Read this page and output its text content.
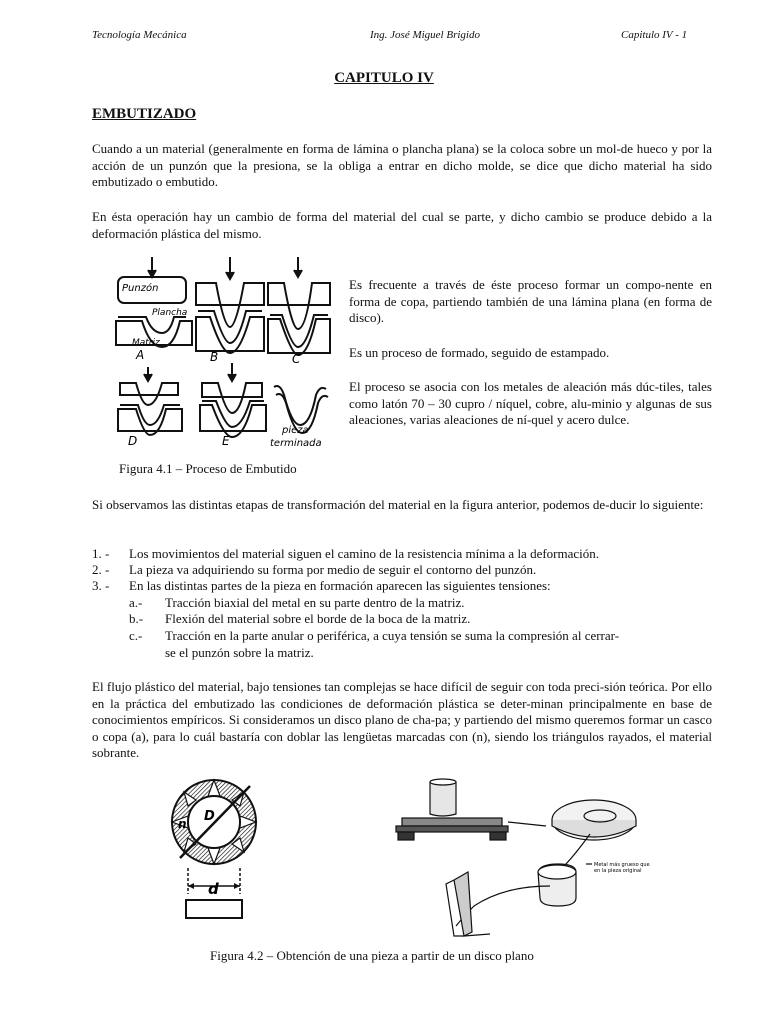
Tecnología Mecánica	Ing. José Miguel Brigido	Capitulo IV - 1
CAPITULO IV
EMBUTIZADO

Cuando a un material (generalmente en forma de lámina o plancha plana) se la coloca sobre un mol-de hueco y por la acción de un punzón que la presiona, se la obliga a entrar en dicho molde, se dice que dicho material ha sido embutizado o embutido.

En ésta operación hay un cambio de forma del material del cual se parte, y dicho cambio se produce debido a la deformación plástica del mismo.

Punzón
Plancha
Matriz
A	B	C
D	E
pieza
terminada

Es frecuente a través de éste proceso formar un compo-nente en forma de copa, partiendo también de una lámina plana (en forma de disco).

Es un proceso de formado, seguido de estampado.

El proceso se asocia con los metales de aleación más dúc-tiles, tales como latón 70 – 30 cupro / níquel, cobre, alu-minio y algunas de sus aleaciones, varias aleaciones de ní-quel y acero dulce.

Figura 4.1 – Proceso de Embutido

Si observamos las distintas etapas de transformación del material en la figura anterior, podemos de-ducir lo siguiente:

1. - Los movimientos del material siguen el camino de la resistencia mínima a la deformación.
2. - La pieza va adquiriendo su forma por medio de seguir el contorno del punzón.
3. - En las distintas partes de la pieza en formación aparecen las siguientes tensiones:
a.- Tracción biaxial del metal en su parte dentro de la matriz.
b.- Flexión del material sobre el borde de la boca de la matriz.
c.- Tracción en la parte anular o periférica, a cuya tensión se suma la compresión al cerrar-
se el punzón sobre la matriz.

El flujo plástico del material, bajo tensiones tan complejas se hace difícil de seguir con toda preci-sión teórica. Por ello en la práctica del embutizado las condiciones de deformación plástica se deter-minan principalmente en base de conocimientos empíricos. Si consideramos un disco plano de cha-pa; y partiendo del mismo queremos formar un casco o copa (a), para lo cuál bastaría con doblar las lengüetas marcadas con (n), siendo los triángulos rayados, el material sobrante.

n D
d
Metal más grueso que
en la pieza original
Figura 4.2 – Obtención de una pieza a partir de un disco plano
